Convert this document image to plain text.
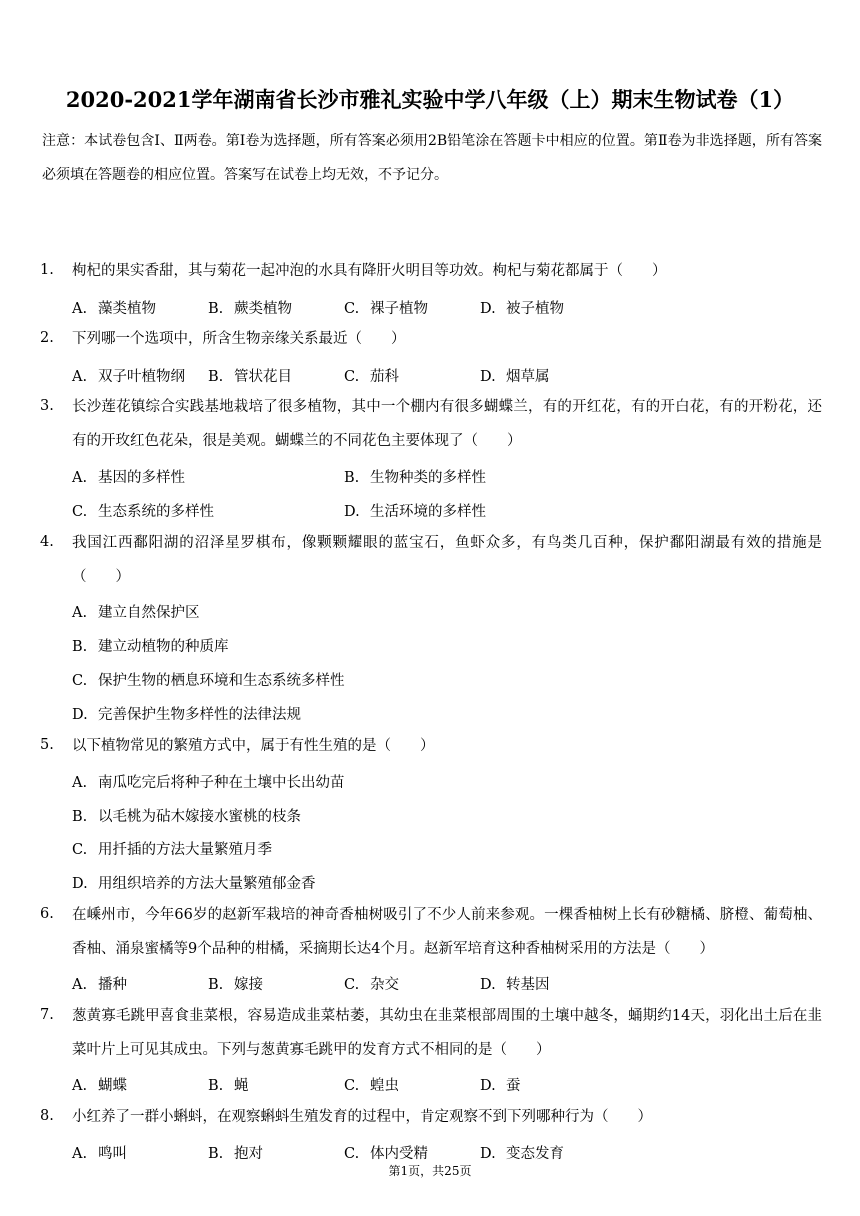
2020-2021学年湖南省长沙市雅礼实验中学八年级（上）期末生物试卷（1）
注意：本试卷包含Ⅰ、Ⅱ两卷。第Ⅰ卷为选择题，所有答案必须用2B铅笔涂在答题卡中相应的位置。第Ⅱ卷为非选择题，所有答案必须填在答题卷的相应位置。答案写在试卷上均无效，不予记分。
1. 枸杞的果实香甜，其与菊花一起冲泡的水具有降肝火明目等功效。枸杞与菊花都属于（　　）
A. 藻类植物	B. 蕨类植物	C. 裸子植物	D. 被子植物
2. 下列哪一个选项中，所含生物亲缘关系最近（　　）
A. 双子叶植物纲 B. 管状花目	C. 茄科	D. 烟草属
3. 长沙莲花镇综合实践基地栽培了很多植物，其中一个棚内有很多蝴蝶兰，有的开红花，有的开白花，有的开粉花，还有的开玫红色花朵，很是美观。蝴蝶兰的不同花色主要体现了（　　）
A. 基因的多样性	B. 生物种类的多样性
C. 生态系统的多样性	D. 生活环境的多样性
4. 我国江西鄱阳湖的沼泽星罗棋布，像颗颗耀眼的蓝宝石，鱼虾众多，有鸟类几百种，保护鄱阳湖最有效的措施是（　　）
A. 建立自然保护区
B. 建立动植物的种质库
C. 保护生物的栖息环境和生态系统多样性
D. 完善保护生物多样性的法律法规
5. 以下植物常见的繁殖方式中，属于有性生殖的是（　　）
A. 南瓜吃完后将种子种在土壤中长出幼苗
B. 以毛桃为砧木嫁接水蜜桃的枝条
C. 用扦插的方法大量繁殖月季
D. 用组织培养的方法大量繁殖郁金香
6. 在嵊州市，今年66岁的赵新军栽培的神奇香柚树吸引了不少人前来参观。一棵香柚树上长有砂糖橘、脐橙、葡萄柚、香柚、涌泉蜜橘等9个品种的柑橘，采摘期长达4个月。赵新军培育这种香柚树采用的方法是（　　）
A. 播种	B. 嫁接	C. 杂交	D. 转基因
7. 葱黄寡毛跳甲喜食韭菜根，容易造成韭菜枯萎，其幼虫在韭菜根部周围的土壤中越冬，蛹期约14天，羽化出土后在韭菜叶片上可见其成虫。下列与葱黄寡毛跳甲的发育方式不相同的是（　　）
A. 蝴蝶	B. 蝇	C. 蝗虫	D. 蚕
8. 小红养了一群小蝌蚪，在观察蝌蚪生殖发育的过程中，肯定观察不到下列哪种行为（　　）
A. 鸣叫	B. 抱对	C. 体内受精	D. 变态发育
第1页，共25页
